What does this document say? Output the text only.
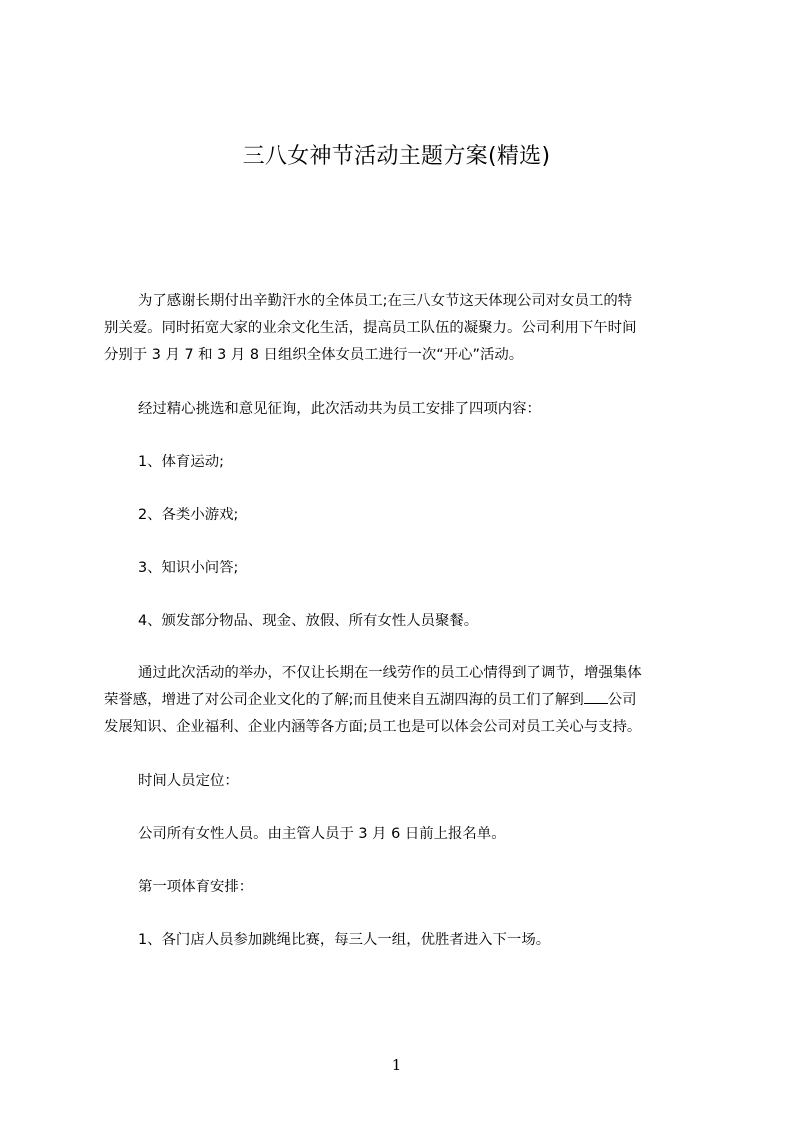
三八女神节活动主题方案(精选)
为了感谢长期付出辛勤汗水的全体员工;在三八女节这天体现公司对女员工的特
别关爱。同时拓宽大家的业余文化生活，提高员工队伍的凝聚力。公司利用下午时间
分别于 3 月 7 和 3 月 8 日组织全体女员工进行一次“开心”活动。
经过精心挑选和意见征询，此次活动共为员工安排了四项内容：
1、体育运动;
2、各类小游戏;
3、知识小问答;
4、颁发部分物品、现金、放假、所有女性人员聚餐。
通过此次活动的举办，不仅让长期在一线劳作的员工心情得到了调节，增强集体
荣誉感，增进了对公司企业文化的了解;而且使来自五湖四海的员工们了解到 公司
发展知识、企业福利、企业内涵等各方面;员工也是可以体会公司对员工关心与支持。
时间人员定位：
公司所有女性人员。由主管人员于 3 月 6 日前上报名单。
第一项体育安排：
1、各门店人员参加跳绳比赛，每三人一组，优胜者进入下一场。
1
